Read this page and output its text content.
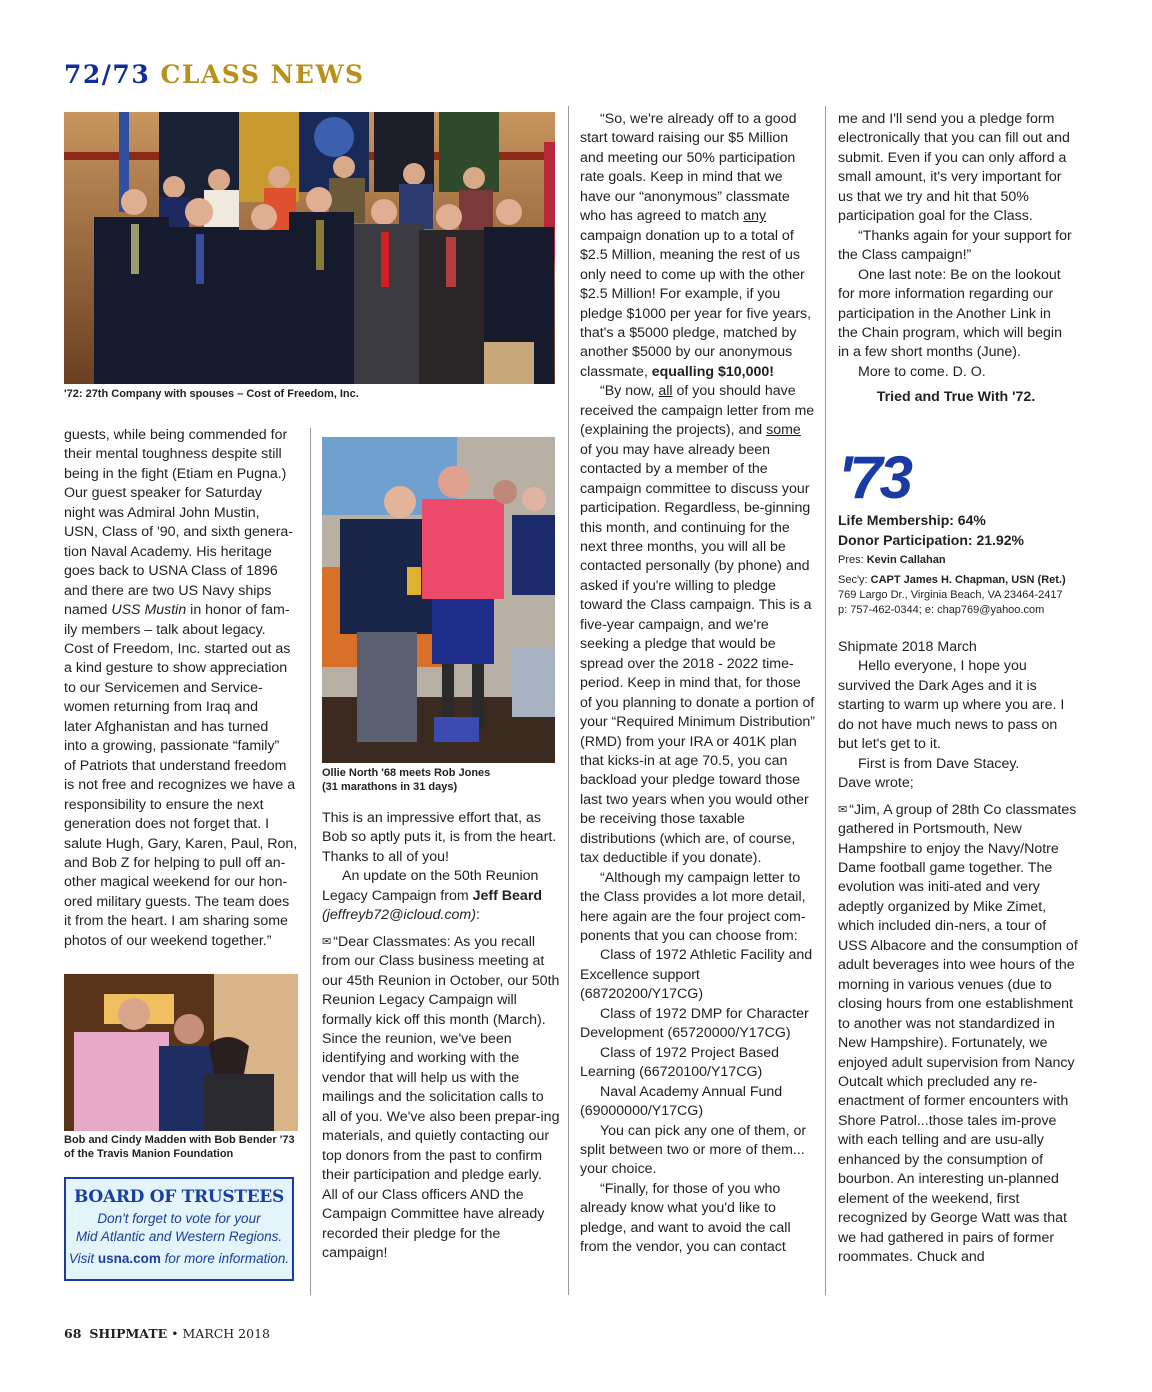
72/73 CLASS NEWS
'72: 27th Company with spouses – Cost of Freedom, Inc.

guests, while being commended for
their mental toughness despite still
being in the fight (Etiam en Pugna.)
Our guest speaker for Saturday
night was Admiral John Mustin,
USN, Class of '90, and sixth genera-
tion Naval Academy. His heritage
goes back to USNA Class of 1896
and there are two US Navy ships
named USS Mustin in honor of fam-
ily members – talk about legacy.
Cost of Freedom, Inc. started out as
a kind gesture to show appreciation
to our Servicemen and Service-
women returning from Iraq and
later Afghanistan and has turned
into a growing, passionate “family”
of Patriots that understand freedom
is not free and recognizes we have a
responsibility to ensure the next
generation does not forget that. I
salute Hugh, Gary, Karen, Paul, Ron,
and Bob Z for helping to pull off an-
other magical weekend for our hon-
ored military guests. The team does
it from the heart. I am sharing some
photos of our weekend together.”

Bob and Cindy Madden with Bob Bender '73
of the Travis Manion Foundation
BOARD OF TRUSTEES
Don't forget to vote for your
Mid Atlantic and Western Regions.
Visit usna.com for more information.
Ollie North '68 meets Rob Jones
(31 marathons in 31 days)

This is an impressive effort that, as Bob so aptly puts it, is from the heart. Thanks to all of you!

An update on the 50th Reunion Legacy Campaign from Jeff Beard (jeffreyb72@icloud.com):

✉ “Dear Classmates: As you recall from our Class business meeting at our 45th Reunion in October, our 50th Reunion Legacy Campaign will formally kick off this month (March). Since the reunion, we've been identifying and working with the vendor that will help us with the mailings and the solicitation calls to all of you. We've also been prepar-ing materials, and quietly contacting our top donors from the past to confirm their participation and pledge early. All of our Class officers AND the Campaign Committee have already recorded their pledge for the campaign!

“So, we're already off to a good start toward raising our $5 Million and meeting our 50% participation rate goals. Keep in mind that we have our “anonymous” classmate who has agreed to match any campaign donation up to a total of $2.5 Million, meaning the rest of us only need to come up with the other $2.5 Million! For example, if you pledge $1000 per year for five years, that's a $5000 pledge, matched by another $5000 by our anonymous classmate, equalling $10,000!

“By now, all of you should have received the campaign letter from me (explaining the projects), and some of you may have already been contacted by a member of the campaign committee to discuss your participation. Regardless, be-ginning this month, and continuing for the next three months, you will all be contacted personally (by phone) and asked if you're willing to pledge toward the Class campaign. This is a five-year campaign, and we're seeking a pledge that would be spread over the 2018 - 2022 time-period. Keep in mind that, for those of you planning to donate a portion of your “Required Minimum Distribution” (RMD) from your IRA or 401K plan that kicks-in at age 70.5, you can backload your pledge toward those last two years when you would other be receiving those taxable distributions (which are, of course, tax deductible if you donate).

“Although my campaign letter to the Class provides a lot more detail, here again are the four project com-ponents that you can choose from:

Class of 1972 Athletic Facility and Excellence support (68720200/Y17CG)

Class of 1972 DMP for Character Development (65720000/Y17CG)

Class of 1972 Project Based Learning (66720100/Y17CG)

Naval Academy Annual Fund (69000000/Y17CG)

You can pick any one of them, or split between two or more of them... your choice.

“Finally, for those of you who already know what you'd like to pledge, and want to avoid the call from the vendor, you can contact

me and I'll send you a pledge form electronically that you can fill out and submit. Even if you can only afford a small amount, it's very important for us that we try and hit that 50% participation goal for the Class.

“Thanks again for your support for the Class campaign!”

One last note: Be on the lookout for more information regarding our participation in the Another Link in the Chain program, which will begin in a few short months (June).

More to come. D. O.

Tried and True With '72.

'73
Life Membership: 64%
Donor Participation: 21.92%
Pres: Kevin Callahan
Sec'y: CAPT James H. Chapman, USN (Ret.)
769 Largo Dr., Virginia Beach, VA 23464-2417
p: 757-462-0344; e: chap769@yahoo.com

Shipmate 2018 March

Hello everyone, I hope you survived the Dark Ages and it is starting to warm up where you are. I do not have much news to pass on but let's get to it.

First is from Dave Stacey.

Dave wrote;

✉ “Jim, A group of 28th Co classmates gathered in Portsmouth, New Hampshire to enjoy the Navy/Notre Dame football game together. The evolution was initi-ated and very adeptly organized by Mike Zimet, which included din-ners, a tour of USS Albacore and the consumption of adult beverages into wee hours of the morning in various venues (due to closing hours from one establishment to another was not standardized in New Hampshire). Fortunately, we enjoyed adult supervision from Nancy Outcalt which precluded any re-enactment of former encounters with Shore Patrol...those tales im-prove with each telling and are usu-ally enhanced by the consumption of bourbon. An interesting un-planned element of the weekend, first recognized by George Watt was that we had gathered in pairs of former roommates. Chuck and

68 SHIPMATE • MARCH 2018
